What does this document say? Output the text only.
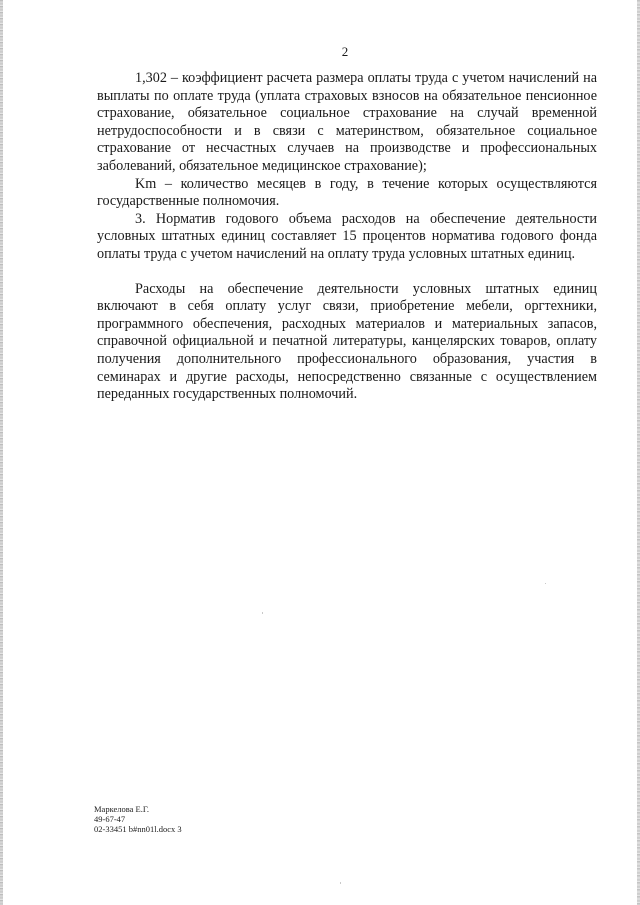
2

1,302 – коэффициент расчета размера оплаты труда с учетом начислений на выплаты по оплате труда (уплата страховых взносов на обязательное пенсионное страхование, обязательное социальное страхование на случай временной нетрудоспособности и в связи с материнством, обязательное социальное страхование от несчастных случаев на производстве и профессиональных заболеваний, обязательное медицинское страхование);

Km – количество месяцев в году, в течение которых осуществляются государственные полномочия.

3. Норматив годового объема расходов на обеспечение деятельности условных штатных единиц составляет 15 процентов норматива годового фонда оплаты труда с учетом начислений на оплату труда условных штатных единиц.

Расходы на обеспечение деятельности условных штатных единиц включают в себя оплату услуг связи, приобретение мебели, оргтехники, программного обеспечения, расходных материалов и материальных запасов, справочной официальной и печатной литературы, канцелярских товаров, оплату получения дополнительного профессионального образования, участия в семинарах и другие расходы, непосредственно связанные с осуществлением переданных государственных полномочий.

Маркелова Е.Г.
49-67-47
02-33451 b#nn01l.docx 3
